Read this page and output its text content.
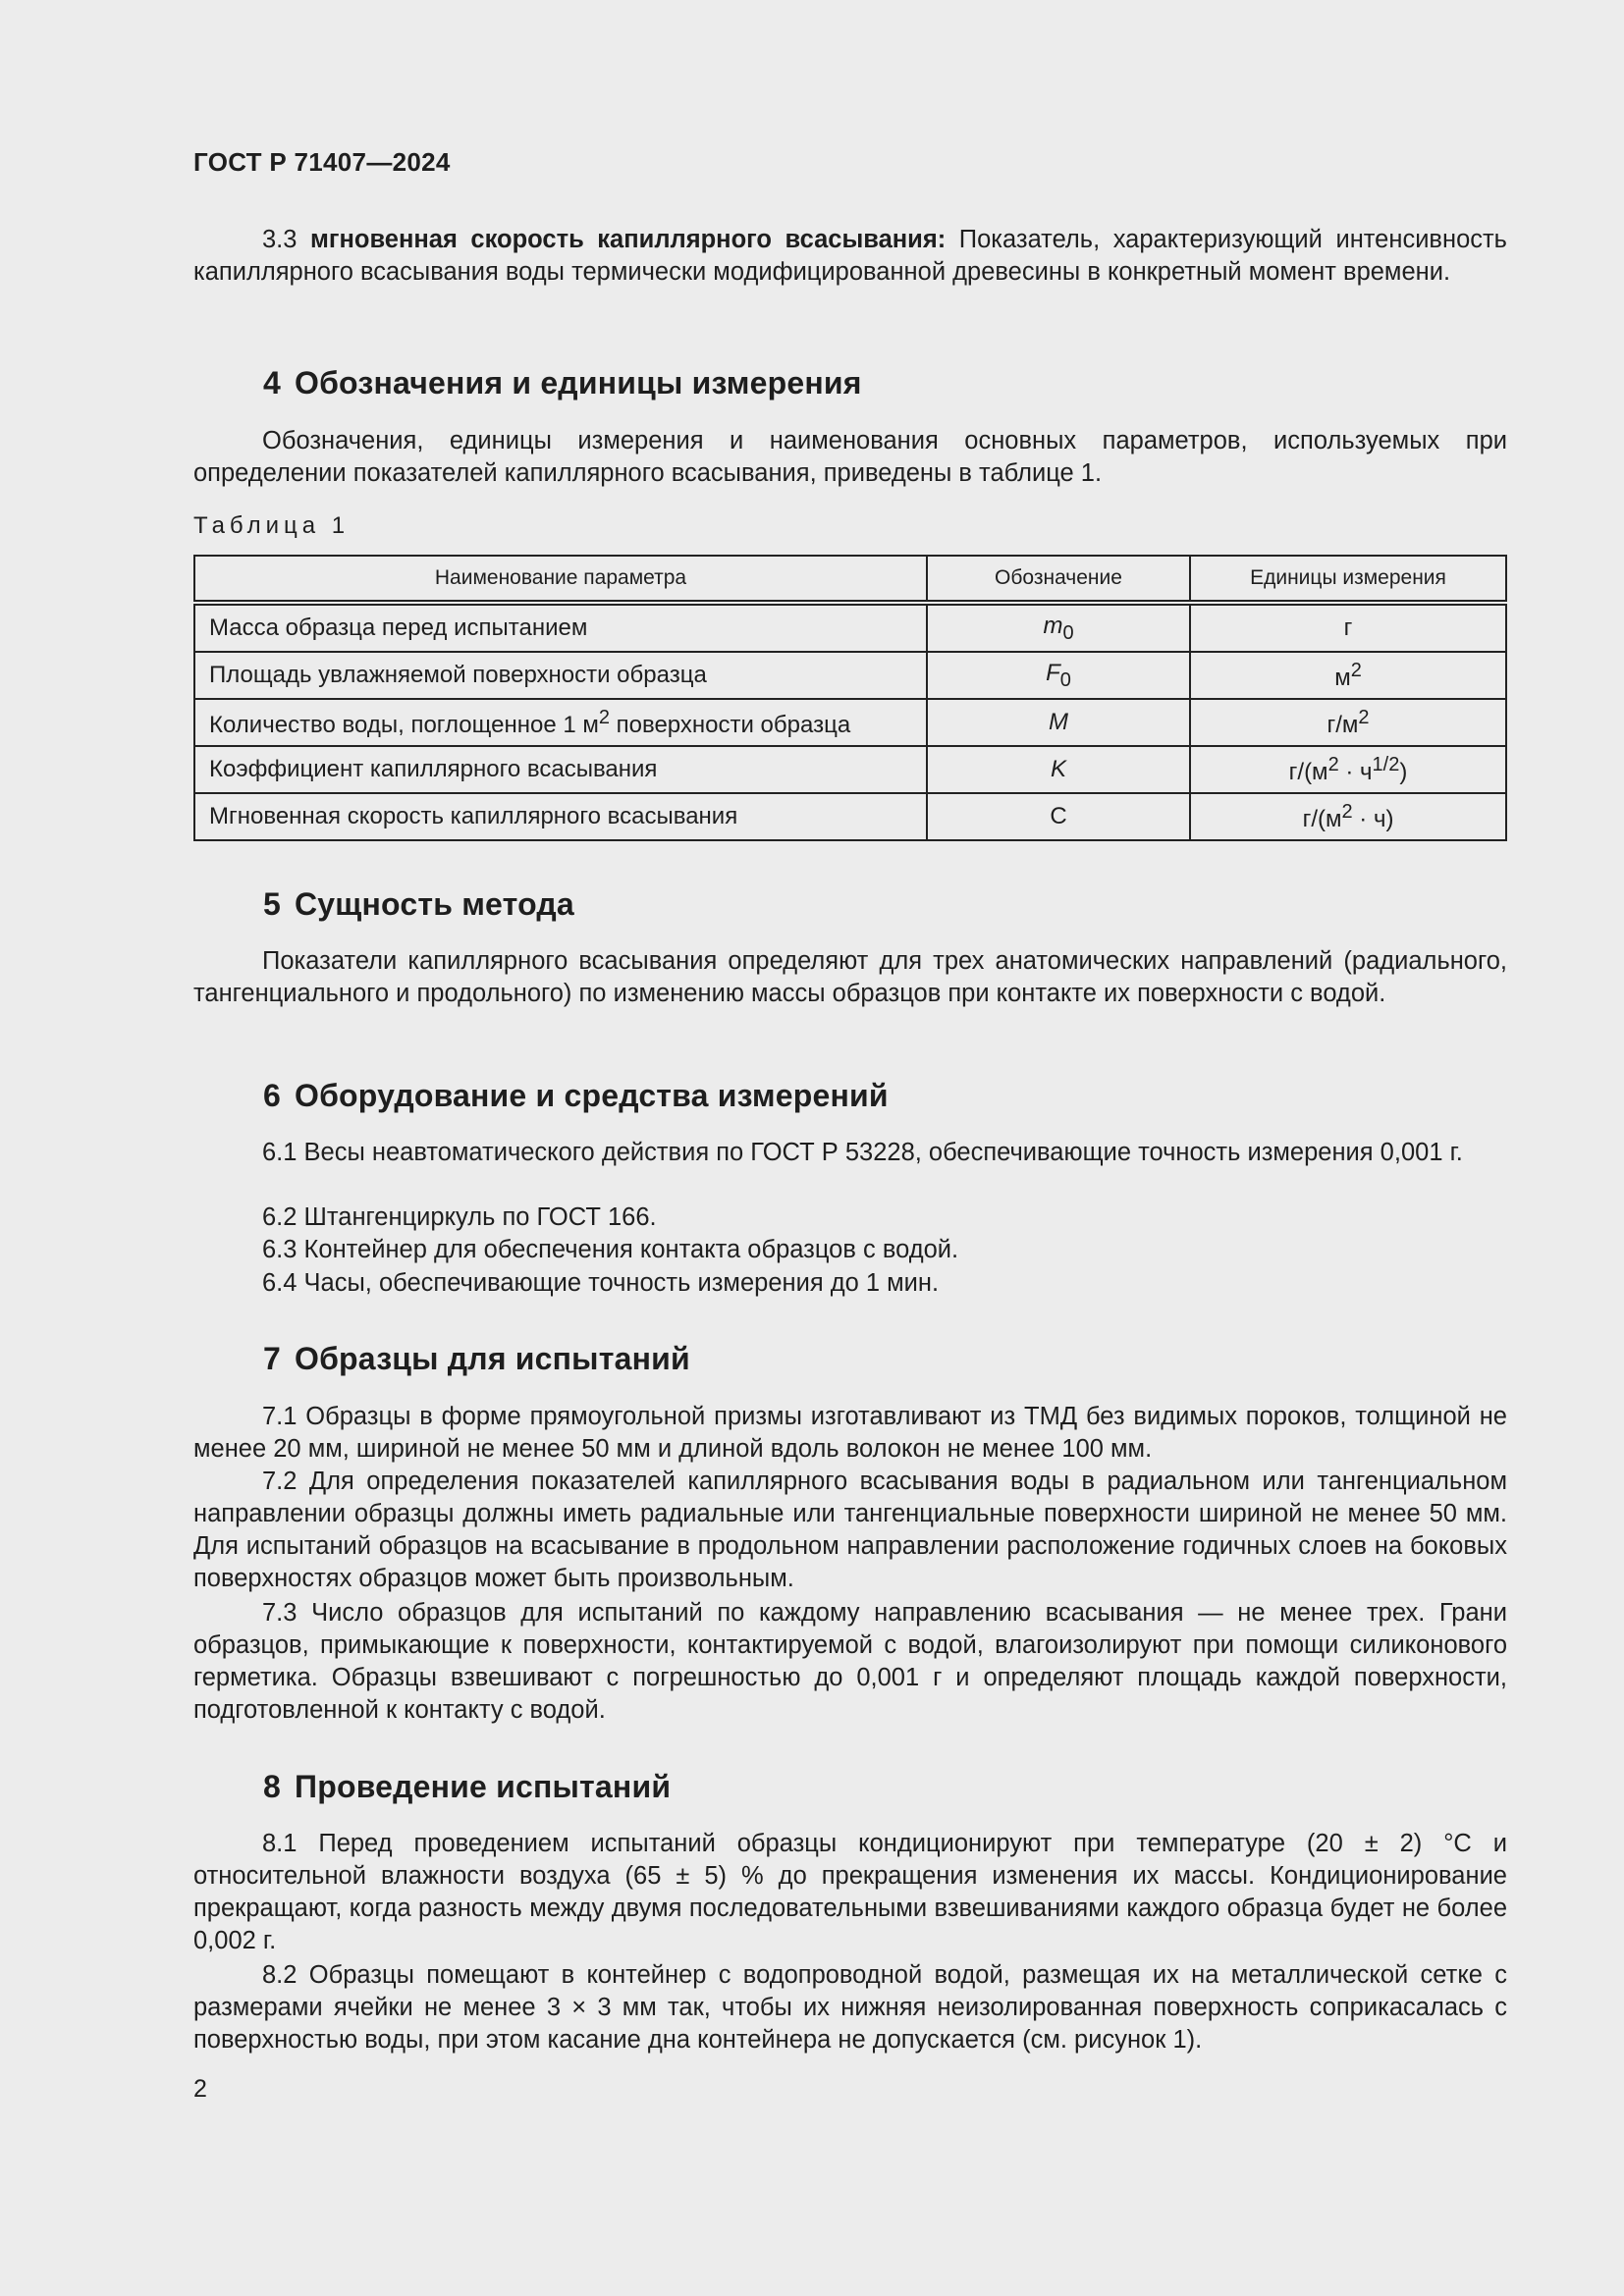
ГОСТ Р 71407—2024
3.3 мгновенная скорость капиллярного всасывания: Показатель, характеризующий интенсивность капиллярного всасывания воды термически модифицированной древесины в конкретный момент времени.
4 Обозначения и единицы измерения
Обозначения, единицы измерения и наименования основных параметров, используемых при определении показателей капиллярного всасывания, приведены в таблице 1.
Таблица 1
Наименование параметра	Обозначение	Единицы измерения
Масса образца перед испытанием	$m_0$	г
Площадь увлажняемой поверхности образца	$F_0$	$м^2$
Количество воды, поглощенное 1 $м^2$ поверхности образца	M	$г/м^2$
Коэффициент капиллярного всасывания	K	$г/(м^2 \cdot ч^{1/2})$
Мгновенная скорость капиллярного всасывания	C	$г/(м^2 \cdot ч)$
5 Сущность метода
Показатели капиллярного всасывания определяют для трех анатомических направлений (радиального, тангенциального и продольного) по изменению массы образцов при контакте их поверхности с водой.
6 Оборудование и средства измерений
6.1 Весы неавтоматического действия по ГОСТ Р 53228, обеспечивающие точность измерения 0,001 г.
6.2 Штангенциркуль по ГОСТ 166.
6.3 Контейнер для обеспечения контакта образцов с водой.
6.4 Часы, обеспечивающие точность измерения до 1 мин.
7 Образцы для испытаний
7.1 Образцы в форме прямоугольной призмы изготавливают из ТМД без видимых пороков, толщиной не менее 20 мм, шириной не менее 50 мм и длиной вдоль волокон не менее 100 мм.
7.2 Для определения показателей капиллярного всасывания воды в радиальном или тангенциальном направлении образцы должны иметь радиальные или тангенциальные поверхности шириной не менее 50 мм. Для испытаний образцов на всасывание в продольном направлении расположение годичных слоев на боковых поверхностях образцов может быть произвольным.
7.3 Число образцов для испытаний по каждому направлению всасывания — не менее трех. Грани образцов, примыкающие к поверхности, контактируемой с водой, влагоизолируют при помощи силиконового герметика. Образцы взвешивают с погрешностью до 0,001 г и определяют площадь каждой поверхности, подготовленной к контакту с водой.
8 Проведение испытаний
8.1 Перед проведением испытаний образцы кондиционируют при температуре (20 ± 2) °С и относительной влажности воздуха (65 ± 5) % до прекращения изменения их массы. Кондиционирование прекращают, когда разность между двумя последовательными взвешиваниями каждого образца будет не более 0,002 г.
8.2 Образцы помещают в контейнер с водопроводной водой, размещая их на металлической сетке с размерами ячейки не менее 3 × 3 мм так, чтобы их нижняя неизолированная поверхность соприкасалась с поверхностью воды, при этом касание дна контейнера не допускается (см. рисунок 1).
2
